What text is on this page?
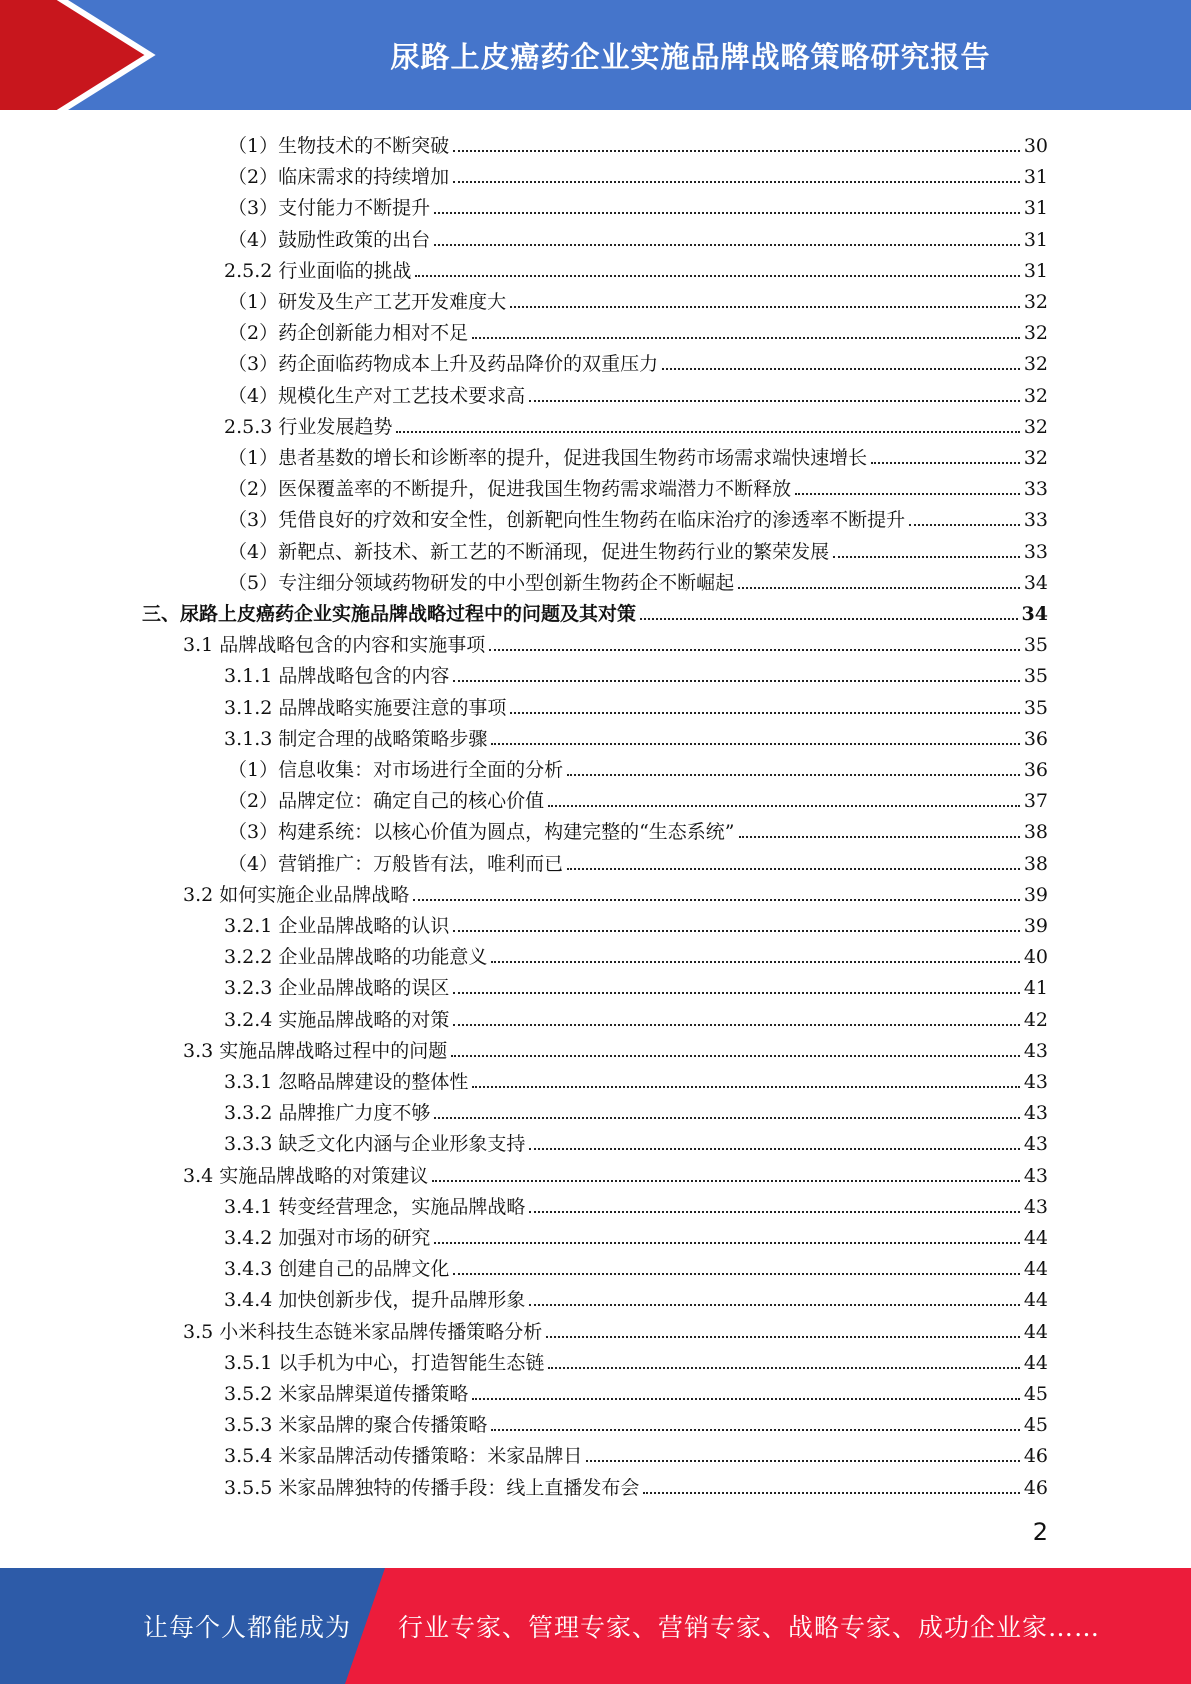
尿路上皮癌药企业实施品牌战略策略研究报告
（1）生物技术的不断突破	30
（2）临床需求的持续增加	31
（3）支付能力不断提升	31
（4）鼓励性政策的出台	31
2.5.2 行业面临的挑战	31
（1）研发及生产工艺开发难度大	32
（2）药企创新能力相对不足	32
（3）药企面临药物成本上升及药品降价的双重压力	32
（4）规模化生产对工艺技术要求高	32
2.5.3 行业发展趋势	32
（1）患者基数的增长和诊断率的提升，促进我国生物药市场需求端快速增长	32
（2）医保覆盖率的不断提升，促进我国生物药需求端潜力不断释放	33
（3）凭借良好的疗效和安全性，创新靶向性生物药在临床治疗的渗透率不断提升	33
（4）新靶点、新技术、新工艺的不断涌现，促进生物药行业的繁荣发展	33
（5）专注细分领域药物研发的中小型创新生物药企不断崛起	34
三、尿路上皮癌药企业实施品牌战略过程中的问题及其对策	34
3.1 品牌战略包含的内容和实施事项	35
3.1.1 品牌战略包含的内容	35
3.1.2 品牌战略实施要注意的事项	35
3.1.3 制定合理的战略策略步骤	36
（1）信息收集：对市场进行全面的分析	36
（2）品牌定位：确定自己的核心价值	37
（3）构建系统：以核心价值为圆点，构建完整的“生态系统”	38
（4）营销推广：万般皆有法，唯利而已	38
3.2 如何实施企业品牌战略	39
3.2.1 企业品牌战略的认识	39
3.2.2 企业品牌战略的功能意义	40
3.2.3 企业品牌战略的误区	41
3.2.4 实施品牌战略的对策	42
3.3 实施品牌战略过程中的问题	43
3.3.1 忽略品牌建设的整体性	43
3.3.2 品牌推广力度不够	43
3.3.3 缺乏文化内涵与企业形象支持	43
3.4 实施品牌战略的对策建议	43
3.4.1 转变经营理念，实施品牌战略	43
3.4.2 加强对市场的研究	44
3.4.3 创建自己的品牌文化	44
3.4.4 加快创新步伐，提升品牌形象	44
3.5 小米科技生态链米家品牌传播策略分析	44
3.5.1 以手机为中心，打造智能生态链	44
3.5.2 米家品牌渠道传播策略	45
3.5.3 米家品牌的聚合传播策略	45
3.5.4 米家品牌活动传播策略：米家品牌日	46
3.5.5 米家品牌独特的传播手段：线上直播发布会	46
2
让每个人都能成为 行业专家、管理专家、营销专家、战略专家、成功企业家……
